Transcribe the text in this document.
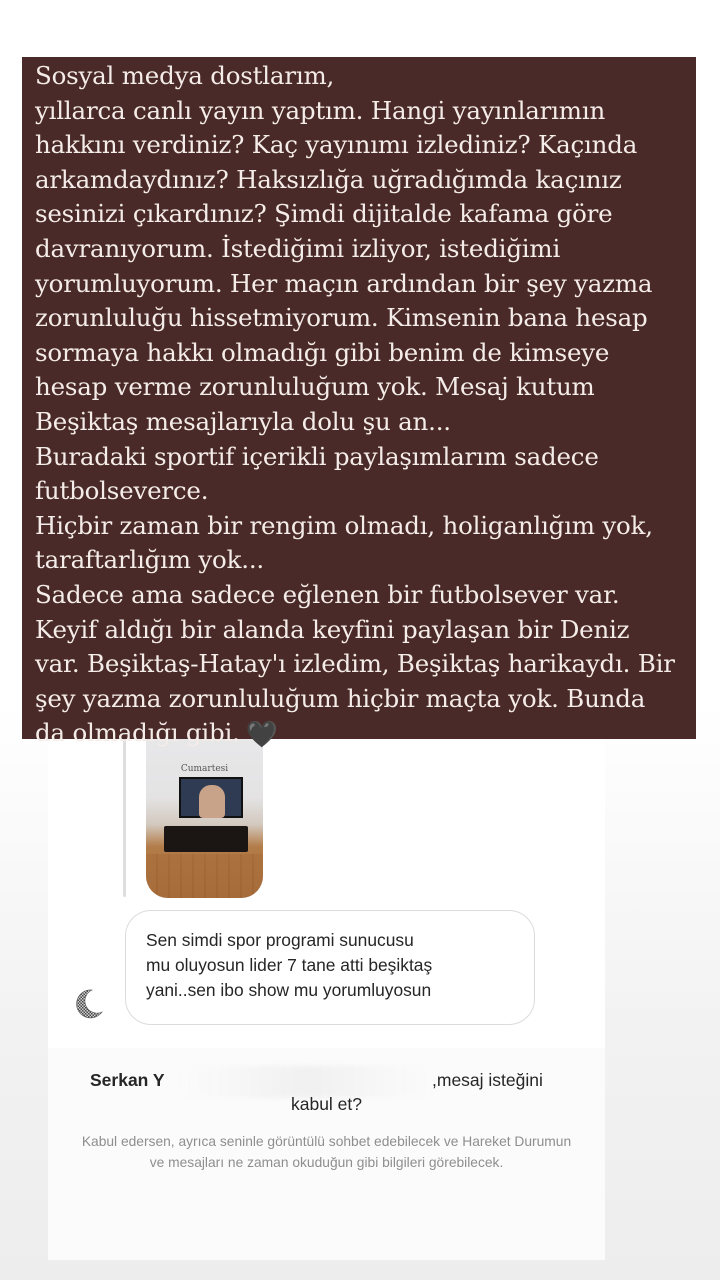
Cumartesi
Sen simdi spor programi sunucusu
mu oluyosun lider 7 tane atti beşiktaş
yani..sen ibo show mu yorumluyosun
Serkan Y	,mesaj isteğini
kabul et?
Kabul edersen, ayrıca seninle görüntülü sohbet edebilecek ve Hareket Durumun ve mesajları ne zaman okuduğun gibi bilgileri görebilecek.
Sosyal medya dostlarım,
yıllarca canlı yayın yaptım. Hangi yayınlarımın
hakkını verdiniz? Kaç yayınımı izlediniz? Kaçında
arkamdaydınız? Haksızlığa uğradığımda kaçınız
sesinizi çıkardınız? Şimdi dijitalde kafama göre
davranıyorum. İstediğimi izliyor, istediğimi
yorumluyorum. Her maçın ardından bir şey yazma
zorunluluğu hissetmiyorum. Kimsenin bana hesap
sormaya hakkı olmadığı gibi benim de kimseye
hesap verme zorunluluğum yok. Mesaj kutum
Beşiktaş mesajlarıyla dolu şu an...
Buradaki sportif içerikli paylaşımlarım sadece
futbolseverce.
Hiçbir zaman bir rengim olmadı, holiganlığım yok,
taraftarlığım yok...
Sadece ama sadece eğlenen bir futbolsever var.
Keyif aldığı bir alanda keyfini paylaşan bir Deniz
var. Beşiktaş-Hatay'ı izledim, Beşiktaş harikaydı. Bir
şey yazma zorunluluğum hiçbir maçta yok. Bunda
da olmadığı gibi. 🖤
